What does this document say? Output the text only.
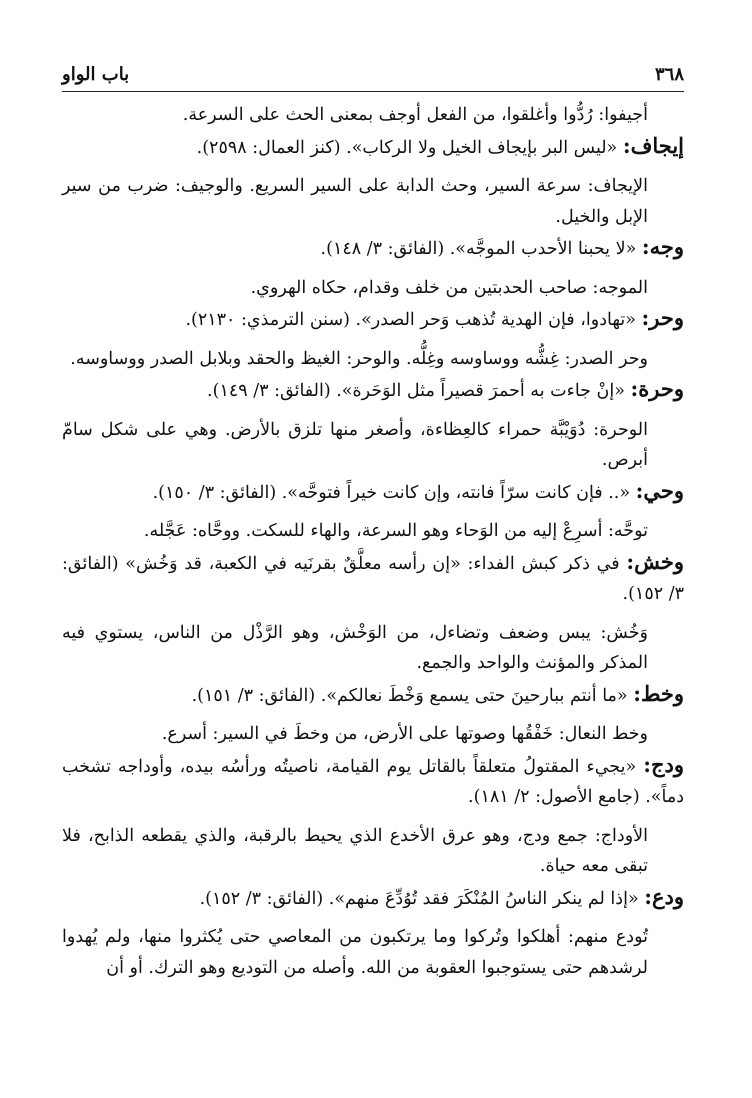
٣٦٨
باب الواو

أجيفوا: رُدُّوا وأغلقوا، من الفعل أوجف بمعنى الحث على السرعة.

إيجاف: «ليس البر بإيجاف الخيل ولا الركاب». (كنز العمال: ٢٥٩٨).

الإيجاف: سرعة السير، وحث الدابة على السير السريع. والوجيف: ضرب من سير الإبل والخيل.

وجه: «لا يحبنا الأحدب الموجَّه». (الفائق: ٣/ ١٤٨).

الموجه: صاحب الحدبتين من خلف وقدام، حكاه الهروي.

وحر: «تهادوا، فإن الهدية تُذهب وَحر الصدر». (سنن الترمذي: ٢١٣٠).

وحر الصدر: غِشُّه ووساوسه وغِلُّه. والوحر: الغيظ والحقد وبلابل الصدر ووساوسه.

وحرة: «إنْ جاءت به أحمرَ قصيراً مثل الوَحَرة». (الفائق: ٣/ ١٤٩).

الوحرة: دُوَيْبَّة حمراء كالعِظاءة، وأصغر منها تلزق بالأرض. وهي على شكل سامّ أبرص.

وحي: «.. فإن كانت سرّاً فانته، وإن كانت خيراً فتوحَّه». (الفائق: ٣/ ١٥٠).

توحَّه: أسرِعْ إليه من الوَحاء وهو السرعة، والهاء للسكت. ووحَّاه: عَجَّله.

وخش: في ذكر كبش الفداء: «إن رأسه معلَّقٌ بقرنَيه في الكعبة، قد وَخُش» (الفائق: ٣/ ١٥٢).

وَخُش: يبس وضعف وتضاءل، من الوَخْش، وهو الرَّذْل من الناس، يستوي فيه المذكر والمؤنث والواحد والجمع.

وخط: «ما أنتم ببارحينَ حتى يسمع وَخْطَ نعالكم». (الفائق: ٣/ ١٥١).

وخط النعال: خَفْقُها وصوتها على الأرض، من وخطَ في السير: أسرع.

ودج: «يجيء المقتولُ متعلقاً بالقاتل يوم القيامة، ناصيتُه ورأسُه بيده، وأوداجه تشخب دماً». (جامع الأصول: ٢/ ١٨١).

الأوداج: جمع ودج، وهو عرق الأخدع الذي يحيط بالرقبة، والذي يقطعه الذابح، فلا تبقى معه حياة.

ودع: «إذا لم ينكر الناسُ المُنْكَرَ فقد تُوُدِّعَ منهم». (الفائق: ٣/ ١٥٢).

تُودع منهم: أهلكوا وتُركوا وما يرتكبون من المعاصي حتى يُكثروا منها، ولم يُهدوا لرشدهم حتى يستوجبوا العقوبة من الله. وأصله من التوديع وهو الترك. أو أن
